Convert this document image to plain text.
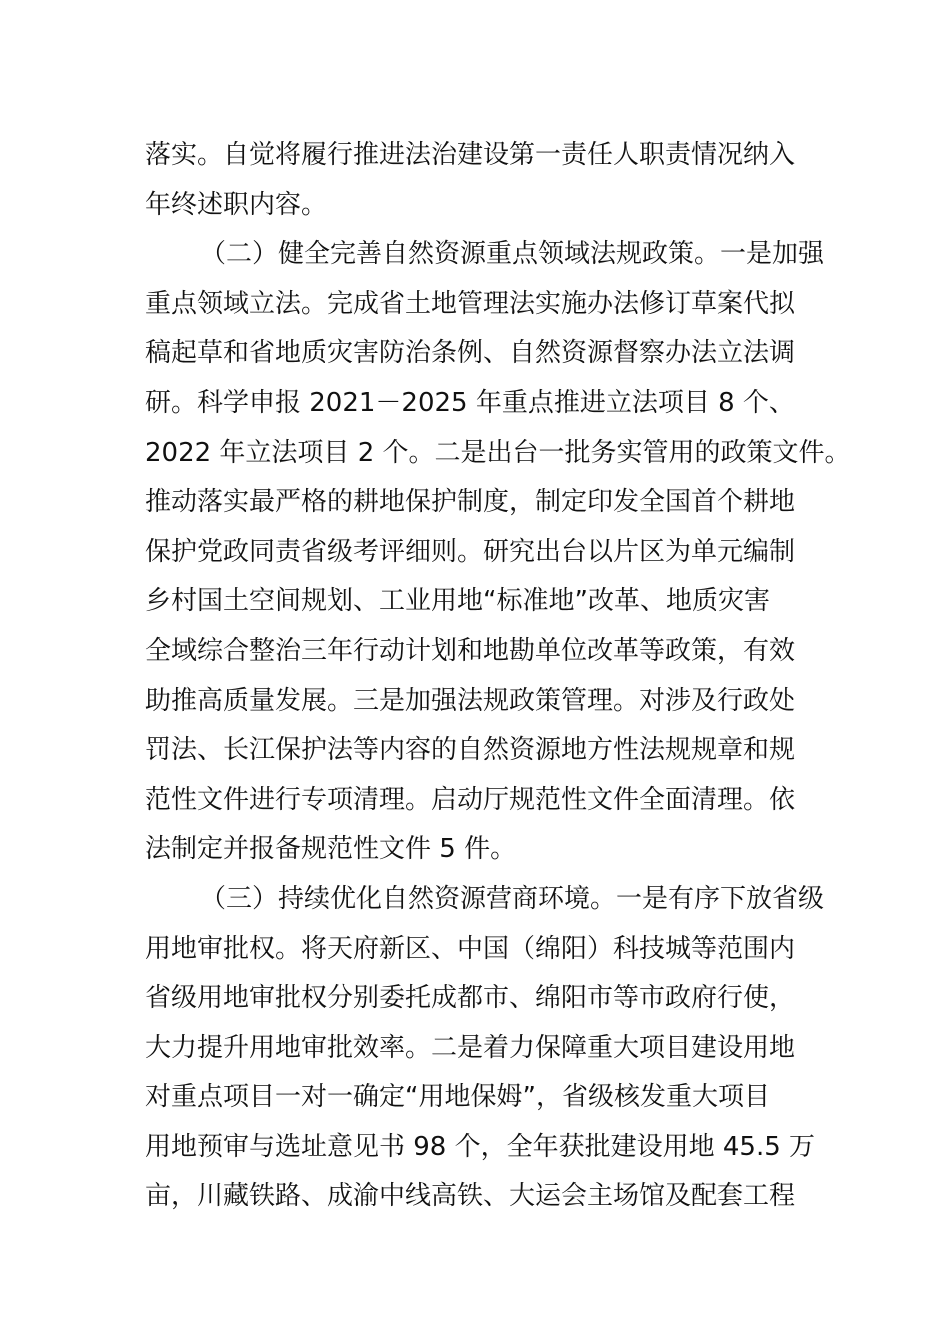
落实。自觉将履行推进法治建设第一责任人职责情况纳入
年终述职内容。
（二）健全完善自然资源重点领域法规政策。一是加强
重点领域立法。完成省土地管理法实施办法修订草案代拟
稿起草和省地质灾害防治条例、自然资源督察办法立法调
研。科学申报 2021－2025 年重点推进立法项目 8 个、
2022 年立法项目 2 个。二是出台一批务实管用的政策文件。
推动落实最严格的耕地保护制度，制定印发全国首个耕地
保护党政同责省级考评细则。研究出台以片区为单元编制
乡村国土空间规划、工业用地“标准地”改革、地质灾害
全域综合整治三年行动计划和地勘单位改革等政策，有效
助推高质量发展。三是加强法规政策管理。对涉及行政处
罚法、长江保护法等内容的自然资源地方性法规规章和规
范性文件进行专项清理。启动厅规范性文件全面清理。依
法制定并报备规范性文件 5 件。
（三）持续优化自然资源营商环境。一是有序下放省级
用地审批权。将天府新区、中国（绵阳）科技城等范围内
省级用地审批权分别委托成都市、绵阳市等市政府行使，
大力提升用地审批效率。二是着力保障重大项目建设用地
对重点项目一对一确定“用地保姆”，省级核发重大项目
用地预审与选址意见书 98 个，全年获批建设用地 45.5 万
亩，川藏铁路、成渝中线高铁、大运会主场馆及配套工程
